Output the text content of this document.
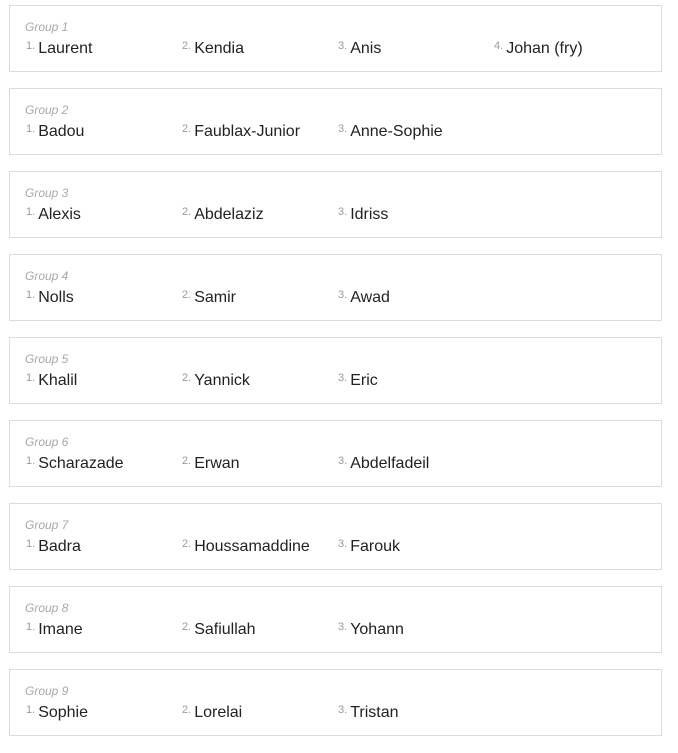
Group 1
$^{1.}$ Laurent	$^{2.}$ Kendia	$^{3.}$ Anis	$^{4.}$ Johan (fry)
Group 2
$^{1.}$ Badou	$^{2.}$ Faublax-Junior	$^{3.}$ Anne-Sophie
Group 3
$^{1.}$ Alexis	$^{2.}$ Abdelaziz	$^{3.}$ Idriss
Group 4
$^{1.}$ Nolls	$^{2.}$ Samir	$^{3.}$ Awad
Group 5
$^{1.}$ Khalil	$^{2.}$ Yannick	$^{3.}$ Eric
Group 6
$^{1.}$ Scharazade	$^{2.}$ Erwan	$^{3.}$ Abdelfadeil
Group 7
$^{1.}$ Badra	$^{2.}$ Houssamaddine	$^{3.}$ Farouk
Group 8
$^{1.}$ Imane	$^{2.}$ Safiullah	$^{3.}$ Yohann
Group 9
$^{1.}$ Sophie	$^{2.}$ Lorelai	$^{3.}$ Tristan
